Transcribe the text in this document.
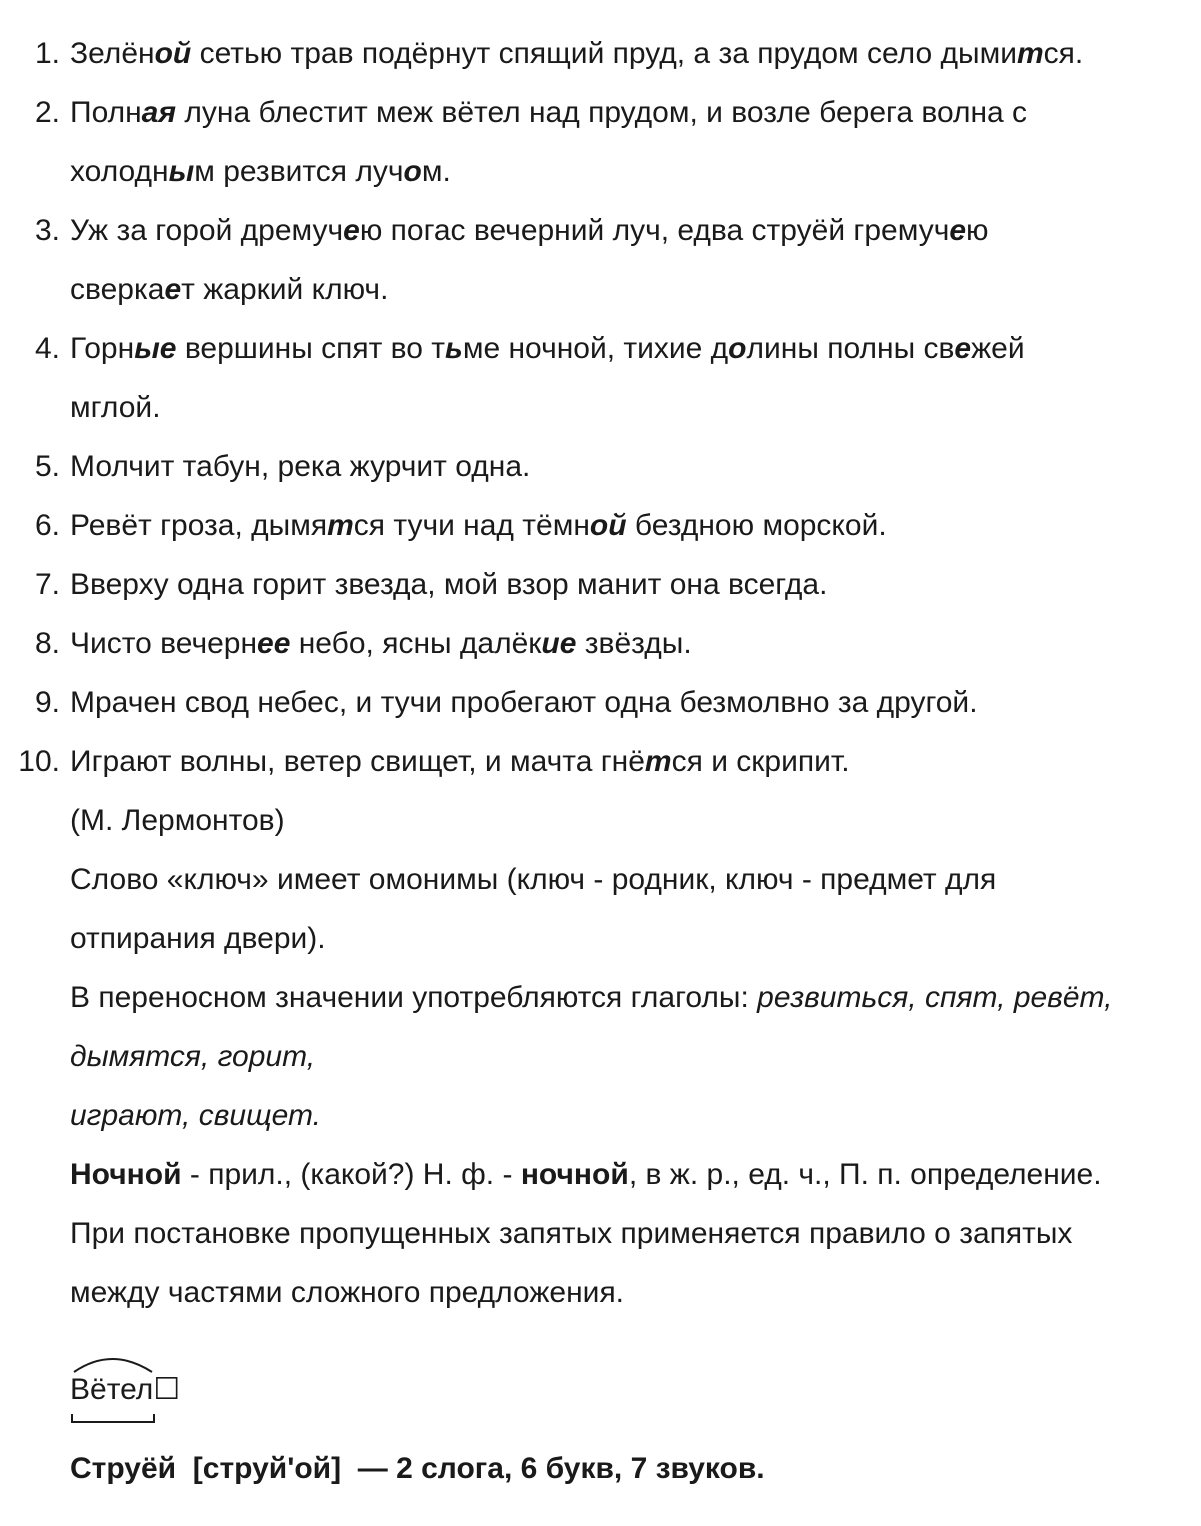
1. Зелёной сетью трав подёрнут спящий пруд, а за прудом село дымится.
2. Полная луна блестит меж вётел над прудом, и возле берега волна с
холодным резвится лучом.
3. Уж за горой дремучею погас вечерний луч, едва струёй гремучею
сверкает жаркий ключ.
4. Горные вершины спят во тьме ночной, тихие долины полны свежей
мглой.
5. Молчит табун, река журчит одна.
6. Ревёт гроза, дымятся тучи над тёмной бездною морской.
7. Вверху одна горит звезда, мой взор манит она всегда.
8. Чисто вечернее небо, ясны далёкие звёзды.
9. Мрачен свод небес, и тучи пробегают одна безмолвно за другой.
10. Играют волны, ветер свищет, и мачта гнётся и скрипит.
(М. Лермонтов)
Слово «ключ» имеет омонимы (ключ - родник, ключ - предмет для
отпирания двери).
В переносном значении употребляются глаголы: резвиться, спят, ревёт,
дымятся, горит,
играют, свищет.
Ночной - прил., (какой?) Н. ф. - ночной, в ж. р., ед. ч., П. п. определение.
При постановке пропущенных запятых применяется правило о запятых
между частями сложного предложения.
Вётел☐
Струёй  [струй'ой]  — 2 слога, 6 букв, 7 звуков.
